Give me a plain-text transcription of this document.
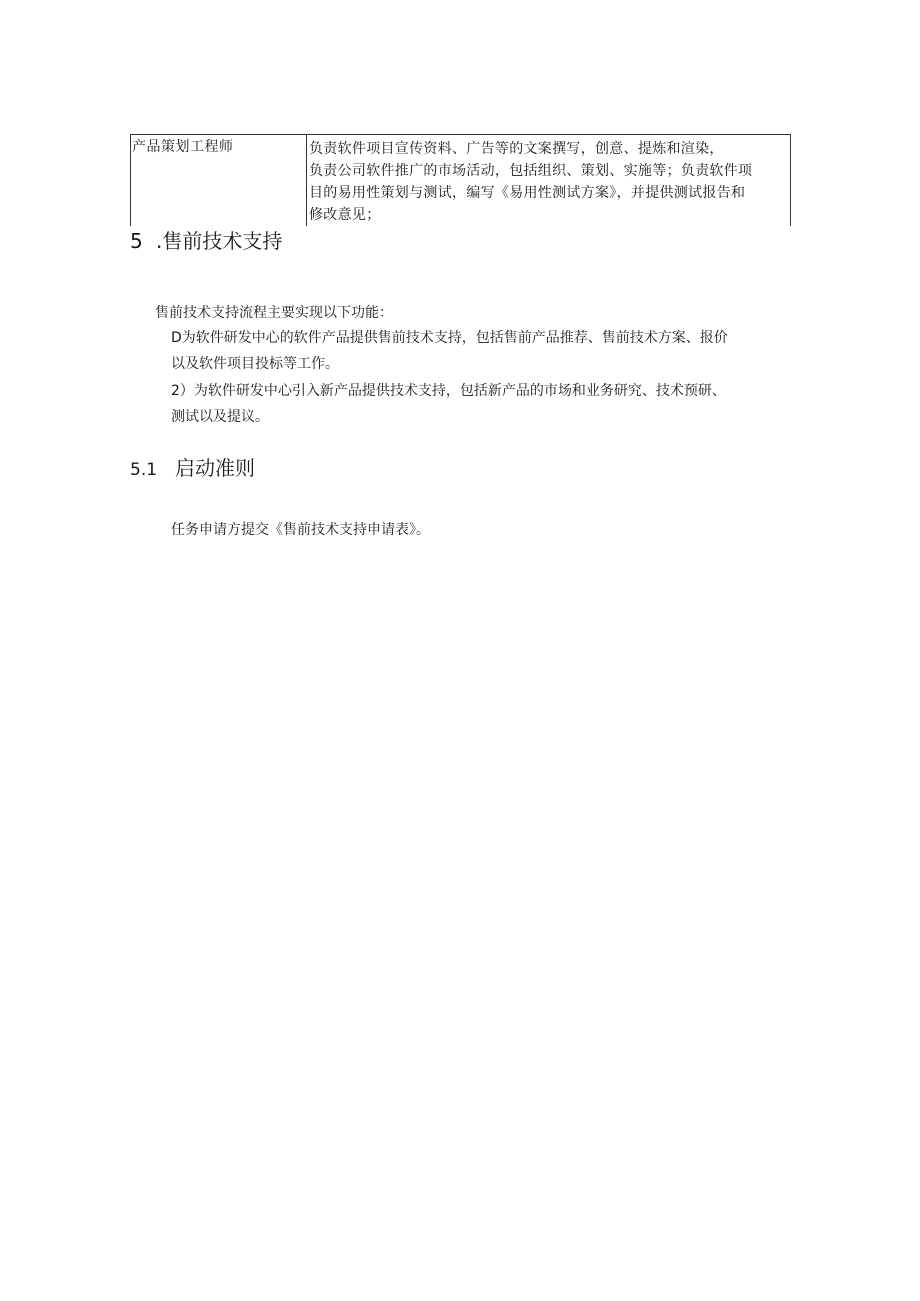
产品策划工程师	负责软件项目宣传资料、广告等的文案撰写，创意、提炼和渲染，
负责公司软件推广的市场活动，包括组织、策划、实施等；负责软件项
目的易用性策划与测试，编写《易用性测试方案》，并提供测试报告和
修改意见；
5 .售前技术支持
售前技术支持流程主要实现以下功能：
D为软件研发中心的软件产品提供售前技术支持，包括售前产品推荐、售前技术方案、报价
以及软件项目投标等工作。
2）为软件研发中心引入新产品提供技术支持，包括新产品的市场和业务研究、技术预研、
测试以及提议。
5.1 启动准则
任务申请方提交《售前技术支持申请表》。
